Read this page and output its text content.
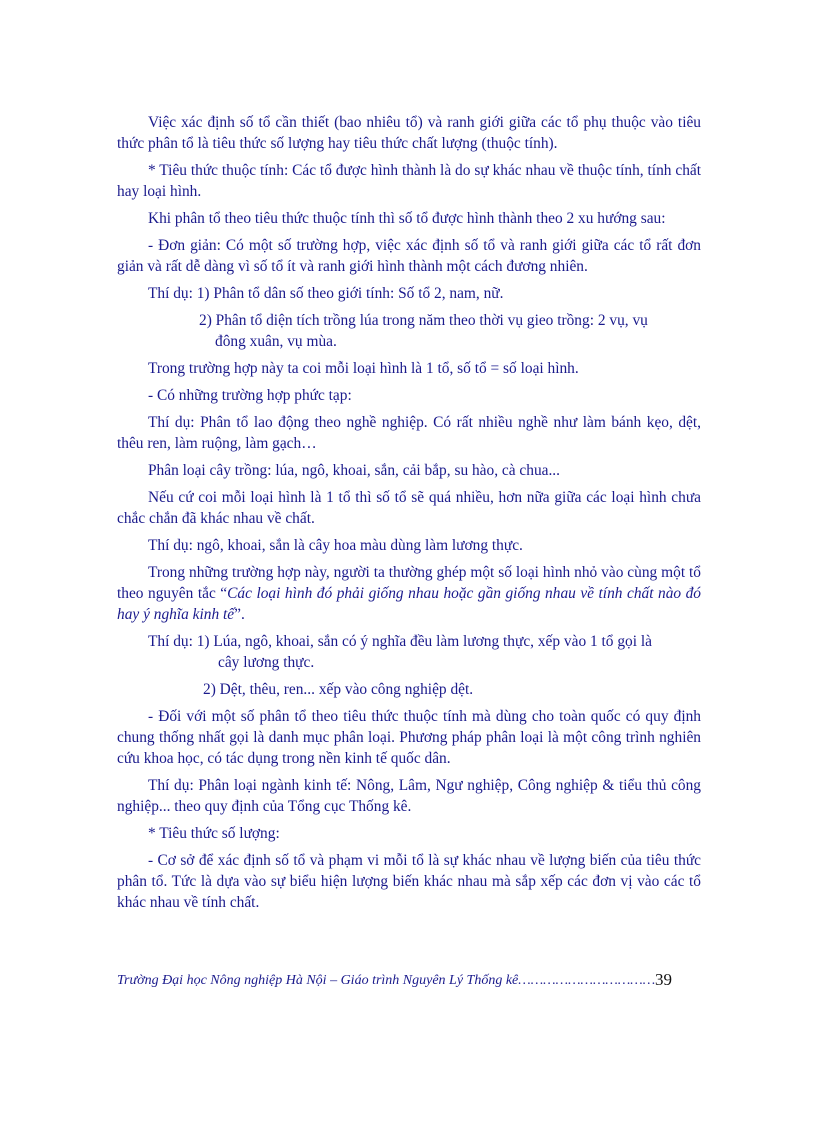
Việc xác định số tổ cần thiết (bao nhiêu tổ) và ranh giới giữa các tổ phụ thuộc vào tiêu thức phân tổ là tiêu thức số lượng hay tiêu thức chất lượng (thuộc tính).

* Tiêu thức thuộc tính: Các tổ được hình thành là do sự khác nhau về thuộc tính, tính chất hay loại hình.

Khi phân tổ theo tiêu thức thuộc tính thì số tổ được hình thành theo 2 xu hướng sau:

- Đơn giản: Có một số trường hợp, việc xác định số tổ và ranh giới giữa các tổ rất đơn giản và rất dễ dàng vì số tổ ít và ranh giới hình thành một cách đương nhiên.

Thí dụ: 1) Phân tổ dân số theo giới tính: Số tổ 2, nam, nữ.

2) Phân tổ diện tích trồng lúa trong năm theo thời vụ gieo trồng: 2 vụ, vụ
đông xuân, vụ mùa.

Trong trường hợp này ta coi mỗi loại hình là 1 tổ, số tổ = số loại hình.

- Có những trường hợp phức tạp:

Thí dụ: Phân tổ lao động theo nghề nghiệp. Có rất nhiều nghề như làm bánh kẹo, dệt, thêu ren, làm ruộng, làm gạch…

Phân loại cây trồng: lúa, ngô, khoai, sắn, cải bắp, su hào, cà chua...

Nếu cứ coi mỗi loại hình là 1 tổ thì số tổ sẽ quá nhiều, hơn nữa giữa các loại hình chưa chắc chắn đã khác nhau về chất.

Thí dụ: ngô, khoai, sắn là cây hoa màu dùng làm lương thực.

Trong những trường hợp này, người ta thường ghép một số loại hình nhỏ vào cùng một tổ theo nguyên tắc “Các loại hình đó phải giống nhau hoặc gần giống nhau về tính chất nào đó hay ý nghĩa kinh tế”.

Thí dụ: 1) Lúa, ngô, khoai, sắn có ý nghĩa đều làm lương thực, xếp vào 1 tổ gọi là
cây lương thực.

2) Dệt, thêu, ren... xếp vào công nghiệp dệt.

- Đối với một số phân tổ theo tiêu thức thuộc tính mà dùng cho toàn quốc có quy định chung thống nhất gọi là danh mục phân loại. Phương pháp phân loại là một công trình nghiên cứu khoa học, có tác dụng trong nền kinh tế quốc dân.

Thí dụ: Phân loại ngành kinh tế: Nông, Lâm, Ngư nghiệp, Công nghiệp & tiểu thủ công nghiệp... theo quy định của Tổng cục Thống kê.

* Tiêu thức số lượng:

- Cơ sở để xác định số tổ và phạm vi mỗi tổ là sự khác nhau về lượng biến của tiêu thức phân tổ. Tức là dựa vào sự biểu hiện lượng biến khác nhau mà sắp xếp các đơn vị vào các tổ khác nhau về tính chất.

Trường Đại học Nông nghiệp Hà Nội – Giáo trình Nguyên Lý Thống kê…………………………… 39
